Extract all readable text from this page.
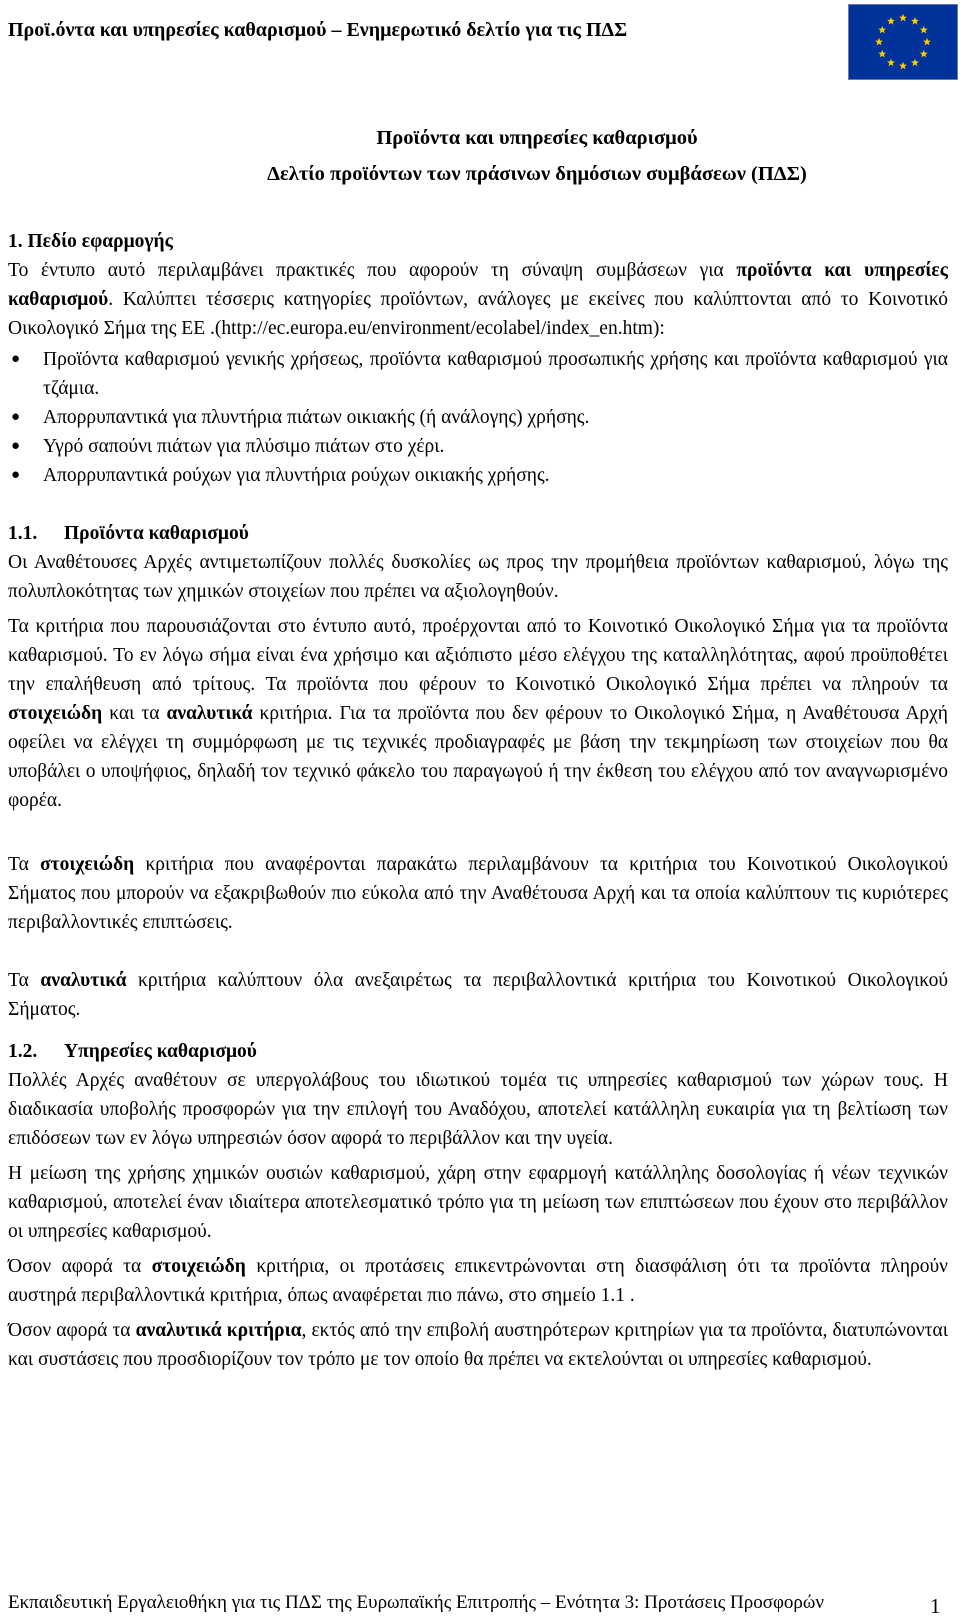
Προϊ.όντα και υπηρεσίες καθαρισμού – Ενημερωτικό δελτίο για τις ΠΔΣ
Προϊόντα και υπηρεσίες καθαρισμού
Δελτίο προϊόντων των πράσινων δημόσιων συμβάσεων (ΠΔΣ)
1. Πεδίο εφαρμογής

Το έντυπο αυτό περιλαμβάνει πρακτικές που αφορούν τη σύναψη συμβάσεων για προϊόντα και υπηρεσίες καθαρισμού. Καλύπτει τέσσερις κατηγορίες προϊόντων, ανάλογες με εκείνες που καλύπτονται από το Κοινοτικό Οικολογικό Σήμα της ΕΕ .(http://ec.europa.eu/environment/ecolabel/index_en.htm):

● Προϊόντα καθαρισμού γενικής χρήσεως, προϊόντα καθαρισμού προσωπικής χρήσης και προϊόντα καθαρισμού για τζάμια.
● Απορρυπαντικά για πλυντήρια πιάτων οικιακής (ή ανάλογης) χρήσης.
● Υγρό σαπούνι πιάτων για πλύσιμο πιάτων στο χέρι.
● Απορρυπαντικά ρούχων για πλυντήρια ρούχων οικιακής χρήσης.
1.1. Προϊόντα καθαρισμού

Οι Αναθέτουσες Αρχές αντιμετωπίζουν πολλές δυσκολίες ως προς την προμήθεια προϊόντων καθαρισμού, λόγω της πολυπλοκότητας των χημικών στοιχείων που πρέπει να αξιολογηθούν.

Τα κριτήρια που παρουσιάζονται στο έντυπο αυτό, προέρχονται από το Κοινοτικό Οικολογικό Σήμα για τα προϊόντα καθαρισμού. Το εν λόγω σήμα είναι ένα χρήσιμο και αξιόπιστο μέσο ελέγχου της καταλληλότητας, αφού προϋποθέτει την επαλήθευση από τρίτους. Τα προϊόντα που φέρουν το Κοινοτικό Οικολογικό Σήμα πρέπει να πληρούν τα στοιχειώδη και τα αναλυτικά κριτήρια. Για τα προϊόντα που δεν φέρουν το Οικολογικό Σήμα, η Αναθέτουσα Αρχή οφείλει να ελέγχει τη συμμόρφωση με τις τεχνικές προδιαγραφές με βάση την τεκμηρίωση των στοιχείων που θα υποβάλει ο υποψήφιος, δηλαδή τον τεχνικό φάκελο του παραγωγού ή την έκθεση του ελέγχου από τον αναγνωρισμένο φορέα.

Τα στοιχειώδη κριτήρια που αναφέρονται παρακάτω περιλαμβάνουν τα κριτήρια του Κοινοτικού Οικολογικού Σήματος που μπορούν να εξακριβωθούν πιο εύκολα από την Αναθέτουσα Αρχή και τα οποία καλύπτουν τις κυριότερες περιβαλλοντικές επιπτώσεις.

Τα αναλυτικά κριτήρια καλύπτουν όλα ανεξαιρέτως τα περιβαλλοντικά κριτήρια του Κοινοτικού Οικολογικού Σήματος.

1.2. Υπηρεσίες καθαρισμού

Πολλές Αρχές αναθέτουν σε υπεργολάβους του ιδιωτικού τομέα τις υπηρεσίες καθαρισμού των χώρων τους. Η διαδικασία υποβολής προσφορών για την επιλογή του Αναδόχου, αποτελεί κατάλληλη ευκαιρία για τη βελτίωση των επιδόσεων των εν λόγω υπηρεσιών όσον αφορά το περιβάλλον και την υγεία.

Η μείωση της χρήσης χημικών ουσιών καθαρισμού, χάρη στην εφαρμογή κατάλληλης δοσολογίας ή νέων τεχνικών καθαρισμού, αποτελεί έναν ιδιαίτερα αποτελεσματικό τρόπο για τη μείωση των επιπτώσεων που έχουν στο περιβάλλον οι υπηρεσίες καθαρισμού.

Όσον αφορά τα στοιχειώδη κριτήρια, οι προτάσεις επικεντρώνονται στη διασφάλιση ότι τα προϊόντα πληρούν αυστηρά περιβαλλοντικά κριτήρια, όπως αναφέρεται πιο πάνω, στο σημείο 1.1 .

Όσον αφορά τα αναλυτικά κριτήρια, εκτός από την επιβολή αυστηρότερων κριτηρίων για τα προϊόντα, διατυπώνονται και συστάσεις που προσδιορίζουν τον τρόπο με τον οποίο θα πρέπει να εκτελούνται οι υπηρεσίες καθαρισμού.

Εκπαιδευτική Εργαλειοθήκη για τις ΠΔΣ της Ευρωπαϊκής Επιτροπής – Ενότητα 3: Προτάσεις Προσφορών	1
